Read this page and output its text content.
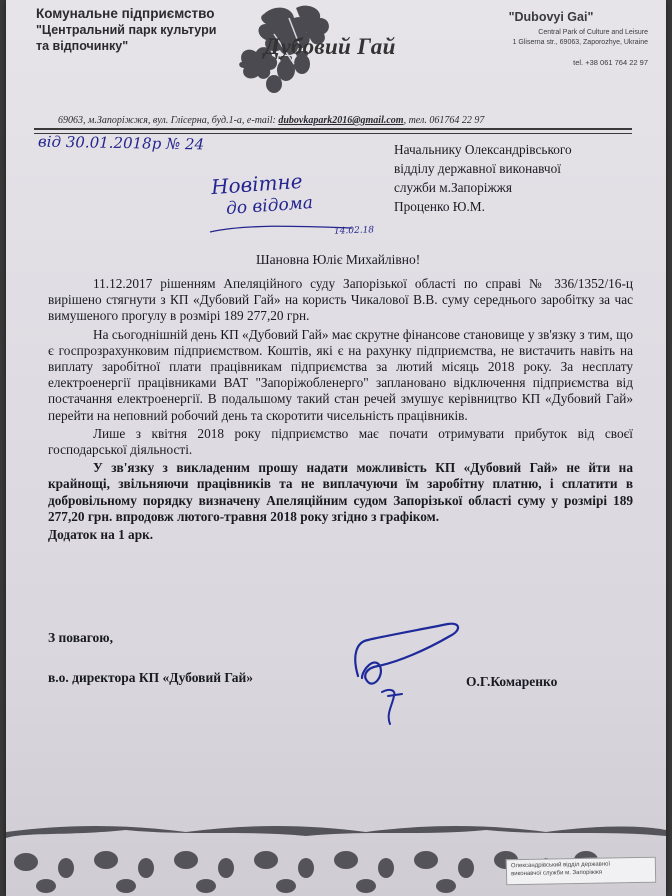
Комунальне підприємство
"Центральний парк культури
та відпочинку"	Дубовий Гай
"Dubovyi Gai"
Central Park of Culture and Leisure
1 Gliserna str., 69063, Zaporozhye, Ukraine
tel. +38 061 764 22 97
69063, м.Запоріжжя, вул. Глісерна, буд.1-а, e-mail: dubovkapark2016@gmail.com, тел. 061764 22 97
від 30.01.2018р № 24
Новітне
до відома
14.02.18
Начальнику Олександрівського
відділу державної виконавчої
служби м.Запоріжжя
Проценко Ю.М.
Шановна Юліє Михайлівно!

11.12.2017 рішенням Апеляційного суду Запорізької області по справі № 336/1352/16-ц вирішено стягнути з КП «Дубовий Гай» на користь Чикалової В.В. суму середнього заробітку за час вимушеного прогулу в розмірі 189 277,20 грн.

На сьогоднішній день КП «Дубовий Гай» має скрутне фінансове становище у зв'язку з тим, що є госпрозрахунковим підприємством. Коштів, які є на рахунку підприємства, не вистачить навіть на виплату заробітної плати працівникам підприємства за лютий місяць 2018 року. За несплату електроенергії працівниками ВАТ "Запоріжобленерго" заплановано відключення підприємства від постачання електроенергії. В подальшому такий стан речей змушує керівництво КП «Дубовий Гай» перейти на неповний робочий день та скоротити чисельність працівників.

Лише з квітня 2018 року підприємство має почати отримувати прибуток від своєї господарської діяльності.

У зв'язку з викладеним прошу надати можливість КП «Дубовий Гай» не йти на крайнощі, звільняючи працівників та не виплачуючи їм заробітну платню, і сплатити в добровільному порядку визначену Апеляційним судом Запорізької області суму у розмірі 189 277,20 грн. впродовж лютого-травня 2018 року згідно з графіком.

Додаток на 1 арк.

З повагою,
в.о. директора КП «Дубовий Гай»	О.Г.Комаренко
Олександрівський відділ державної
виконавчої служби м. Запоріжжя
